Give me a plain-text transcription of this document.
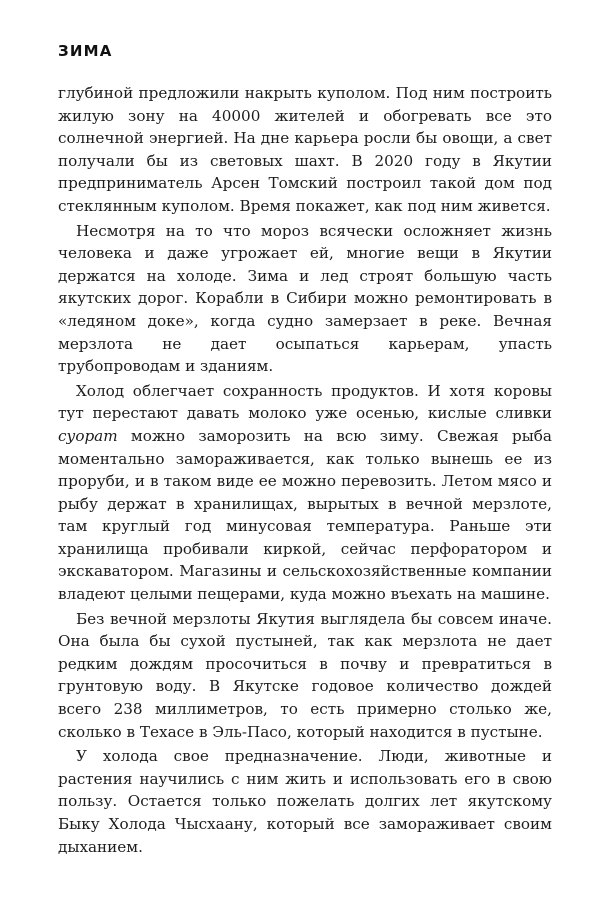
ЗИМА

глубиной предложили накрыть куполом. Под ним построить жилую зону на 40000 жителей и обогревать все это солнечной энергией. На дне карьера росли бы овощи, а свет получали бы из световых шахт. В 2020 году в Якутии предприниматель Арсен Томский построил такой дом под стеклянным куполом. Время покажет, как под ним живется.

Несмотря на то что мороз всячески осложняет жизнь человека и даже угрожает ей, многие вещи в Якутии держатся на холоде. Зима и лед строят большую часть якутских дорог. Корабли в Сибири можно ремонтировать в «ледяном доке», когда судно замерзает в реке. Вечная мерзлота не дает осыпаться карьерам, упасть трубопроводам и зданиям.

Холод облегчает сохранность продуктов. И хотя коровы тут перестают давать молоко уже осенью, кислые сливки суорат можно заморозить на всю зиму. Свежая рыба моментально замораживается, как только вынешь ее из проруби, и в таком виде ее можно перевозить. Летом мясо и рыбу держат в хранилищах, вырытых в вечной мерзлоте, там круглый год минусовая температура. Раньше эти хранилища пробивали киркой, сейчас перфоратором и экскаватором. Магазины и сельскохозяйственные компании владеют целыми пещерами, куда можно въехать на машине.

Без вечной мерзлоты Якутия выглядела бы совсем иначе. Она была бы сухой пустыней, так как мерзлота не дает редким дождям просочиться в почву и превратиться в грунтовую воду. В Якутске годовое количество дождей всего 238 миллиметров, то есть примерно столько же, сколько в Техасе в Эль-Пасо, который находится в пустыне.

У холода свое предназначение. Люди, животные и растения научились с ним жить и использовать его в свою пользу. Остается только пожелать долгих лет якутскому Быку Холода Чысхаану, который все замораживает своим дыханием.
